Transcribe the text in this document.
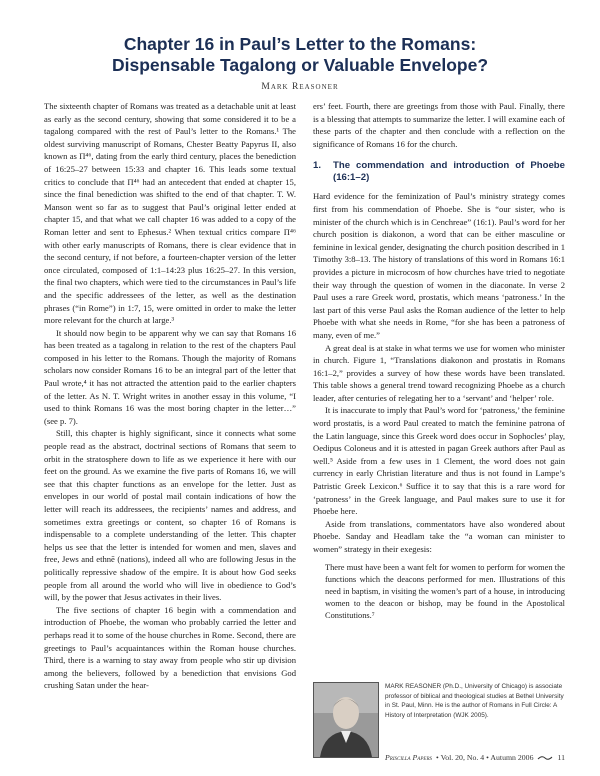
Chapter 16 in Paul’s Letter to the Romans:
Dispensable Tagalong or Valuable Envelope?
Mark Reasoner

The sixteenth chapter of Romans was treated as a detachable unit at least as early as the second century, showing that some considered it to be a tagalong compared with the rest of Paul’s letter to the Romans.¹ The oldest surviving manuscript of Romans, Chester Beatty Papyrus II, also known as Π⁴⁶, dating from the early third century, places the benediction of 16:25–27 between 15:33 and chapter 16. This leads some textual critics to conclude that Π⁴⁶ had an antecedent that ended at chapter 15, since the final benediction was shifted to the end of that chapter. T. W. Manson went so far as to suggest that Paul’s original letter ended at chapter 15, and that what we call chapter 16 was added to a copy of the Roman letter and sent to Ephesus.² When textual critics compare Π⁴⁶ with other early manuscripts of Romans, there is clear evidence that in the second century, if not before, a fourteen-chapter version of the letter once circulated, composed of 1:1–14:23 plus 16:25–27. In this version, the final two chapters, which were tied to the circumstances in Paul’s life and the specific addressees of the letter, as well as the destination phrases (“in Rome”) in 1:7, 15, were omitted in order to make the letter more relevant for the church at large.³

It should now begin to be apparent why we can say that Romans 16 has been treated as a tagalong in relation to the rest of the chapters Paul composed in his letter to the Romans. Though the majority of Romans scholars now consider Romans 16 to be an integral part of the letter that Paul wrote,⁴ it has not attracted the attention paid to the earlier chapters of the letter. As N. T. Wright writes in another essay in this volume, “I used to think Romans 16 was the most boring chapter in the letter…” (see p. 7).

Still, this chapter is highly significant, since it connects what some people read as the abstract, doctrinal sections of Romans that seem to orbit in the stratosphere down to life as we experience it here with our feet on the ground. As we examine the five parts of Romans 16, we will see that this chapter functions as an envelope for the letter. Just as envelopes in our world of postal mail contain indications of how the letter will reach its addressees, the recipients’ names and address, and sometimes extra greetings or content, so chapter 16 of Romans is indispensable to a complete understanding of the letter. This chapter helps us see that the letter is intended for women and men, slaves and free, Jews and ethnē (nations), indeed all who are following Jesus in the politically repressive shadow of the empire. It is about how God seeks people from all around the world who will live in obedience to God’s will, by the power that Jesus activates in their lives.

The five sections of chapter 16 begin with a commendation and introduction of Phoebe, the woman who probably carried the letter and perhaps read it to some of the house churches in Rome. Second, there are greetings to Paul’s acquaintances within the Roman house churches. Third, there is a warning to stay away from people who stir up division among the believers, followed by a benediction that envisions God crushing Satan under the hear-

ers’ feet. Fourth, there are greetings from those with Paul. Finally, there is a blessing that attempts to summarize the letter. I will examine each of these parts of the chapter and then conclude with a reflection on the significance of Romans 16 for the church.

1.	The commendation and introduction of Phoebe (16:1–2)

Hard evidence for the feminization of Paul’s ministry strategy comes first from his commendation of Phoebe. She is “our sister, who is minister of the church which is in Cenchreae” (16:1). Paul’s word for her church position is diakonon, a word that can be either masculine or feminine in lexical gender, designating the church position described in 1 Timothy 3:8–13. The history of translations of this word in Romans 16:1 provides a picture in microcosm of how churches have tried to negotiate their way through the question of women in the diaconate. In verse 2 Paul uses a rare Greek word, prostatis, which means ‘patroness.’ In the last part of this verse Paul asks the Roman audience of the letter to help Phoebe with what she needs in Rome, “for she has been a patroness of many, even of me.”

A great deal is at stake in what terms we use for women who minister in church. Figure 1, “Translations diakonon and prostatis in Romans 16:1–2,” provides a survey of how these words have been translated. This table shows a general trend toward recognizing Phoebe as a church leader, after centuries of relegating her to a ‘servant’ and ‘helper’ role.

It is inaccurate to imply that Paul’s word for ‘patroness,’ the feminine word prostatis, is a word Paul created to match the feminine patrona of the Latin language, since this Greek word does occur in Sophocles’ play, Oedipus Coloneus and it is attested in pagan Greek authors after Paul as well.⁵ Aside from a few uses in 1 Clement, the word does not gain currency in early Christian literature and thus is not found in Lampe’s Patristic Greek Lexicon.⁶ Suffice it to say that this is a rare word for ‘patroness’ in the Greek language, and Paul makes sure to use it for Phoebe here.

Aside from translations, commentators have also wondered about Phoebe. Sanday and Headlam take the “a woman can minister to women” strategy in their exegesis:

There must have been a want felt for women to perform for women the functions which the deacons performed for men. Illustrations of this need in baptism, in visiting the women’s part of a house, in introducing women to the deacon or bishop, may be found in the Apostolical Constitutions.⁷
MARK REASONER (Ph.D., University of Chicago) is associate professor of biblical and theological studies at Bethel University in St. Paul, Minn. He is the author of Romans in Full Circle: A History of Interpretation (WJK 2005).
Priscilla Papers • Vol. 20, No. 4 • Autumn 2006	11
